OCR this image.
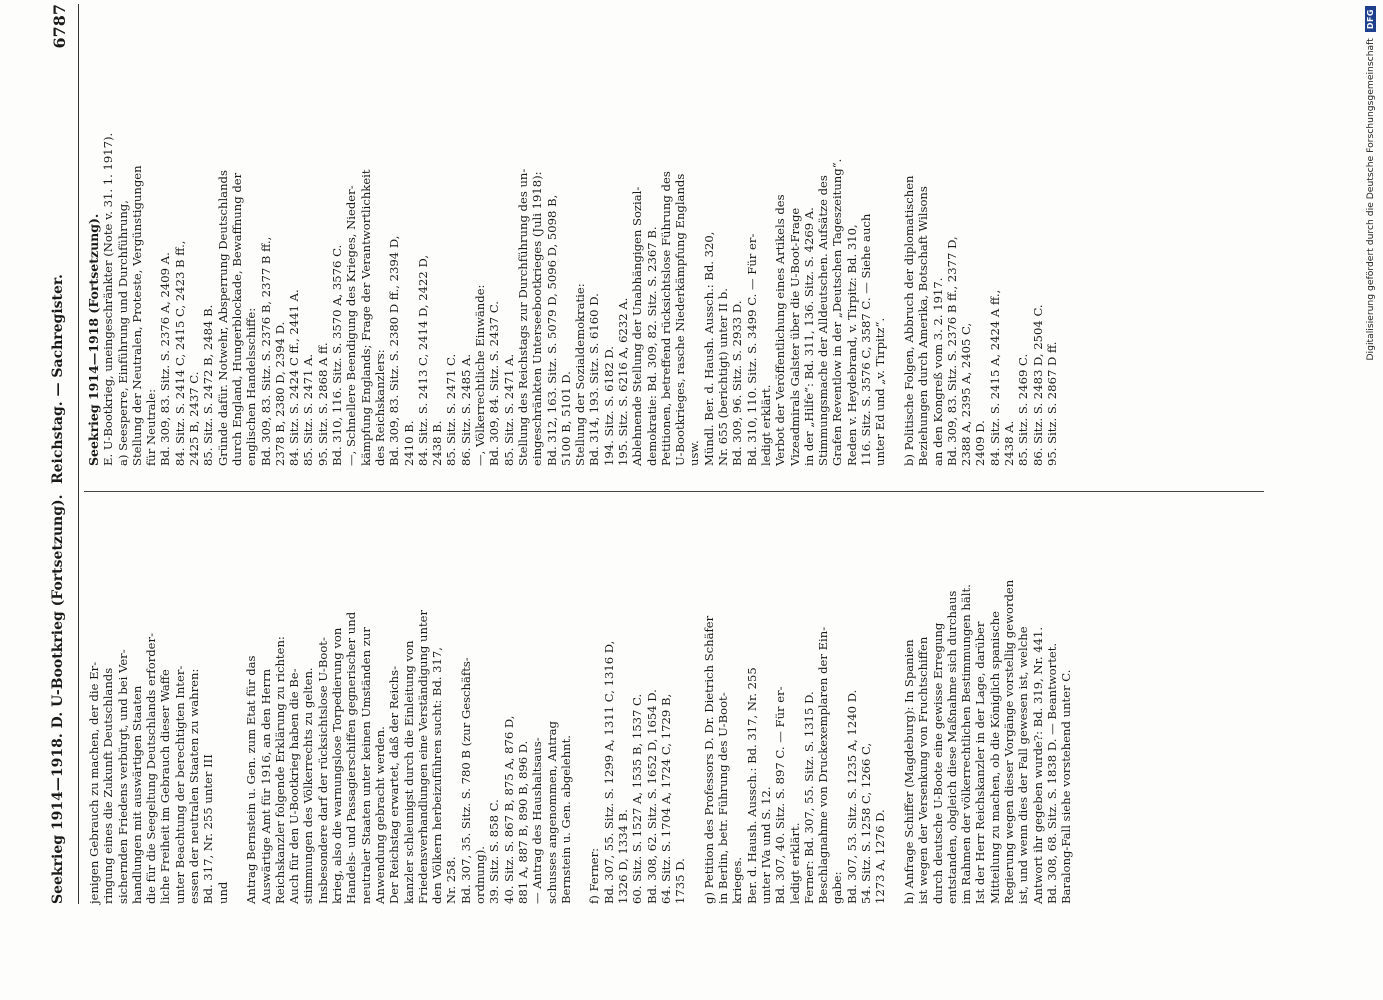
Seekrieg 1914—1918. D. U-Bootkrieg (Fortsetzung).
Reichstag. — Sachregister.
6787
jenigen Gebrauch zu machen, der die Er- ringung eines die Zukunft Deutschlands sichernden Friedens verbürgt, und bei Ver- handlungen mit auswärtigen Staaten die für die Seegeltung Deutschlands erforder- liche Freiheit im Gebrauch dieser Waffe unter Beachtung der berechtigten Inter- essen der neutralen Staaten zu wahren: Bd. 317, Nr. 255 unter III und
Antrag Bernstein u. Gen. zum Etat für das Auswärtige Amt für 1916, an den Herrn Reichskanzler folgende Erklärung zu richten: Auch für den U-Bootkrieg haben die Be- stimmungen des Völkerrechts zu gelten. Insbesondere darf der rücksichtslose U-Boot- krieg, also die warnungslose Torpedierung von Handels- und Passagierschiffen gegnerischer und neutraler Staaten unter keinen Umständen zur Anwendung gebracht werden. Der Reichstag erwartet, daß der Reichs- kanzler schleunigst durch die Einleitung von Friedensverhandlungen eine Verständigung unter den Völkern herbeizuführen sucht: Bd. 317, Nr. 258. Bd. 307, 35. Sitz. S. 780 B (zur Geschäfts- ordnung). 39. Sitz. S. 858 C. 40. Sitz. S. 867 B, 875 A, 876 D, 881 A, 887 B, 890 B, 896 D. — Antrag des Haushaltsaus- schusses angenommen, Antrag Bernstein u. Gen. abgelehnt.
f) Ferner: Bd. 307, 55. Sitz. S. 1299 A, 1311 C, 1316 D, 1326 D, 1334 B. 60. Sitz. S. 1527 A, 1535 B, 1537 C. Bd. 308, 62. Sitz. S. 1652 D, 1654 D. 64. Sitz. S. 1704 A, 1724 C, 1729 B, 1735 D.
g) Petition des Professors D. Dr. Dietrich Schäfer in Berlin, betr. Führung des U-Boot- krieges. Ber. d. Haush. Aussch.: Bd. 317, Nr. 255 unter IVa und S. 12. Bd. 307, 40. Sitz. S. 897 C. — Für er- ledigt erklärt. Ferner: Bd. 307, 55. Sitz. S. 1315 D. Beschlagnahme von Druckexemplaren der Ein- gabe: Bd. 307, 53. Sitz. S. 1235 A, 1240 D. 54. Sitz. S. 1258 C, 1266 C, 1273 A, 1276 D.
h) Anfrage Schiffer (Magdeburg): In Spanien ist wegen der Versenkung von Fruchtschiffen durch deutsche U-Boote eine gewisse Erregung entstanden, obgleich diese Maßnahme sich durchaus im Rahmen der völkerrechtlichen Bestimmungen hält. Ist der Herr Reichskanzler in der Lage, darüber Mitteilung zu machen, ob die Königlich spanische Regierung wegen dieser Vorgänge vorstellig geworden ist, und wenn dies der Fall gewesen ist, welche Antwort ihr gegeben wurde?: Bd. 319, Nr. 441. Bd. 308, 68. Sitz. S. 1838 D. — Beantwortet. Baralong-Fall siehe vorstehend unter C.
Seekrieg 1914—1918 (Fortsetzung). E. U-Bootkrieg, uneingeschränkter (Note v. 31. 1. 1917). a) Seesperre, Einführung und Durchführung, Stellung der Neutralen, Proteste, Vergünstigungen für Neutrale: Bd. 309, 83. Sitz. S. 2376 A, 2409 A. 84. Sitz. S. 2414 C, 2415 C, 2423 B ff., 2425 B, 2437 C. 85. Sitz. S. 2472 B, 2484 B. Gründe dafür. Notwehr, Absperrung Deutschlands durch England, Hungerblockade, Bewaffnung der englischen Handelsschiffe: Bd. 309, 83. Sitz. S. 2376 B, 2377 B ff., 2378 B, 2380 D, 2394 D. 84. Sitz. S. 2424 C ff., 2441 A. 85. Sitz. S. 2471 A. 95. Sitz. S. 2868 A ff. Bd. 310, 116. Sitz. S. 3570 A, 3576 C. —, Schnellere Beendigung des Krieges, Nieder- kämpfung Englands; Frage der Verantwortlichkeit des Reichskanzlers: Bd. 309, 83. Sitz. S. 2380 D ff., 2394 D, 2410 B. 84. Sitz. S. 2413 C, 2414 D, 2422 D, 2438 B. 85. Sitz. S. 2471 C. 86. Sitz. S. 2485 A. —, Völkerrechtliche Einwände: Bd. 309, 84. Sitz. S. 2437 C. 85. Sitz. S. 2471 A. Stellung des Reichstags zur Durchführung des un- eingeschränkten Unterseebootkrieges (Juli 1918): Bd. 312, 163. Sitz. S. 5079 D, 5096 D, 5098 B, 5100 B, 5101 D. Stellung der Sozialdemokratie: Bd. 314, 193. Sitz. S. 6160 D. 194. Sitz. S. 6182 D. 195. Sitz. S. 6216 A, 6232 A. Ablehnende Stellung der Unabhängigen Sozial- demokratie: Bd. 309, 82. Sitz. S. 2367 B. Petitionen, betreffend rücksichtslose Führung des U-Bootkrieges, rasche Niederkämpfung Englands usw. Mündl. Ber. d. Haush. Aussch.: Bd. 320, Nr. 655 (berichtigt) unter II b. Bd. 309, 96. Sitz. S. 2933 D. Bd. 310, 110. Sitz. S. 3499 C. — Für er- ledigt erklärt. Verbot der Veröffentlichung eines Artikels des Vizeadmirals Galster über die U-Boot-Frage in der „Hilfe“: Bd. 311, 136. Sitz. S. 4269 A. Stimmungsmache der Alldeutschen. Aufsätze des Grafen Reventlow in der „Deutschen Tageszeitung“. Reden v. Heydebrand, v. Tirpitz: Bd. 310, 116. Sitz. S. 3576 C, 3587 C. — Siehe auch unter Ed und „v. Tirpitz“.
b) Politische Folgen, Abbruch der diplomatischen Beziehungen durch Amerika, Botschaft Wilsons an den Kongreß vom 3. 2. 1917. Bd. 309, 83. Sitz. S. 2376 B ff., 2377 D, 2388 A, 2395 A, 2405 C, 2409 D. 84. Sitz. S. 2415 A, 2424 A ff., 2438 A. 85. Sitz. S. 2469 C. 86. Sitz. S. 2483 D, 2504 C. 95. Sitz. S. 2867 D ff.
Digitalisierung gefördert durch die Deutsche Forschungsgemeinschaft
DFG
